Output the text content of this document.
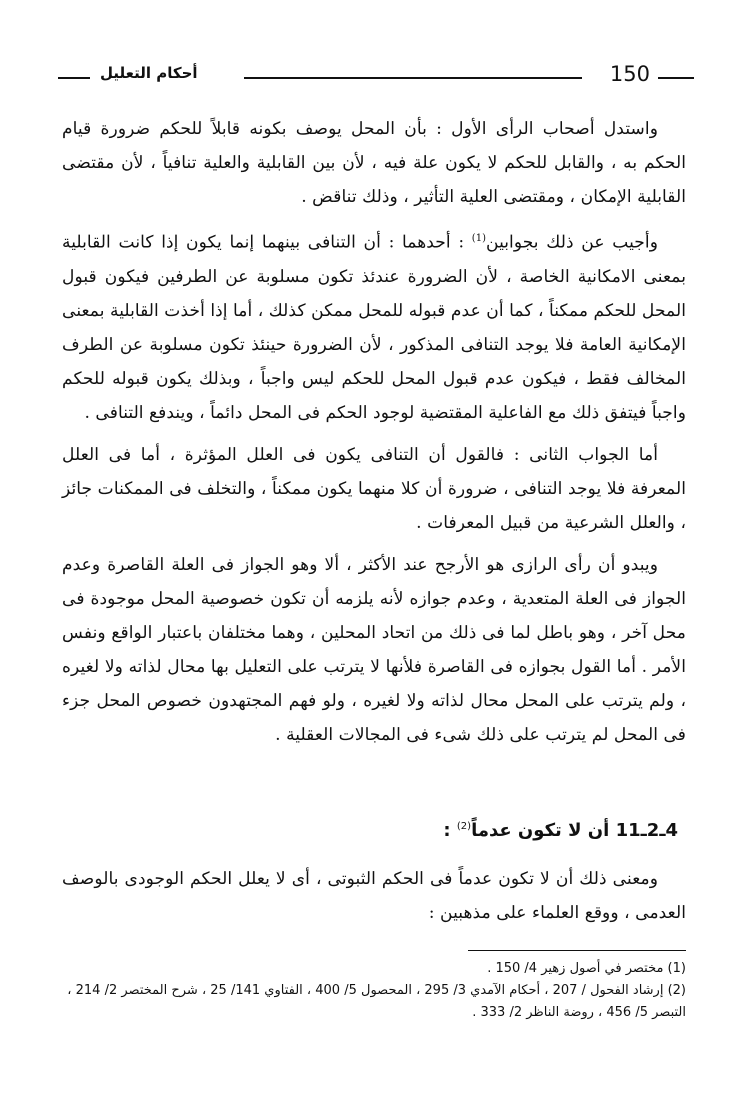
150
أحكام التعليل

واستدل أصحاب الرأى الأول : بأن المحل يوصف بكونه قابلاً للحكم ضرورة قيام الحكم به ، والقابل للحكم لا يكون علة فيه ، لأن بين القابلية والعلية تنافياً ، لأن مقتضى القابلية الإمكان ، ومقتضى العلية التأثير ، وذلك تناقض .

وأجيب عن ذلك بجوابين$^{(1)}$ : أحدهما : أن التنافى بينهما إنما يكون إذا كانت القابلية بمعنى الامكانية الخاصة ، لأن الضرورة عندئذ تكون مسلوبة عن الطرفين فيكون قبول المحل للحكم ممكناً ، كما أن عدم قبوله للمحل ممكن كذلك ، أما إذا أخذت القابلية بمعنى الإمكانية العامة فلا يوجد التنافى المذكور ، لأن الضرورة حينئذ تكون مسلوبة عن الطرف المخالف فقط ، فيكون عدم قبول المحل للحكم ليس واجباً ، وبذلك يكون قبوله للحكم واجباً فيتفق ذلك مع الفاعلية المقتضية لوجود الحكم فى المحل دائماً ، ويندفع التنافى .

أما الجواب الثانى : فالقول أن التنافى يكون فى العلل المؤثرة ، أما فى العلل المعرفة فلا يوجد التنافى ، ضرورة أن كلا منهما يكون ممكناً ، والتخلف فى الممكنات جائز ، والعلل الشرعية من قبيل المعرفات .

ويبدو أن رأى الرازى هو الأرجح عند الأكثر ، ألا وهو الجواز فى العلة القاصرة وعدم الجواز فى العلة المتعدية ، وعدم جوازه لأنه يلزمه أن تكون خصوصية المحل موجودة فى محل آخر ، وهو باطل لما فى ذلك من اتحاد المحلين ، وهما مختلفان باعتبار الواقع ونفس الأمر . أما القول بجوازه فى القاصرة فلأنها لا يترتب على التعليل بها محال لذاته ولا لغيره ، ولم يترتب على المحل محال لذاته ولا لغيره ، ولو فهم المجتهدون خصوص المحل جزء فى المحل لم يترتب على ذلك شىء فى المجالات العقلية .

4ـ2ـ11 أن لا تكون عدماً$^{(2)}$ :

ومعنى ذلك أن لا تكون عدماً فى الحكم الثبوتى ، أى لا يعلل الحكم الوجودى بالوصف العدمى ، ووقع العلماء على مذهبين :

(1) مختصر في أصول زهير 4/ 150 .

(2) إرشاد الفحول / 207 ، أحكام الآمدي 3/ 295 ، المحصول 5/ 400 ، الفتاوي 141/ 25 ، شرح المختصر 2/ 214 ، التبصر 5/ 456 ، روضة الناظر 2/ 333 .
